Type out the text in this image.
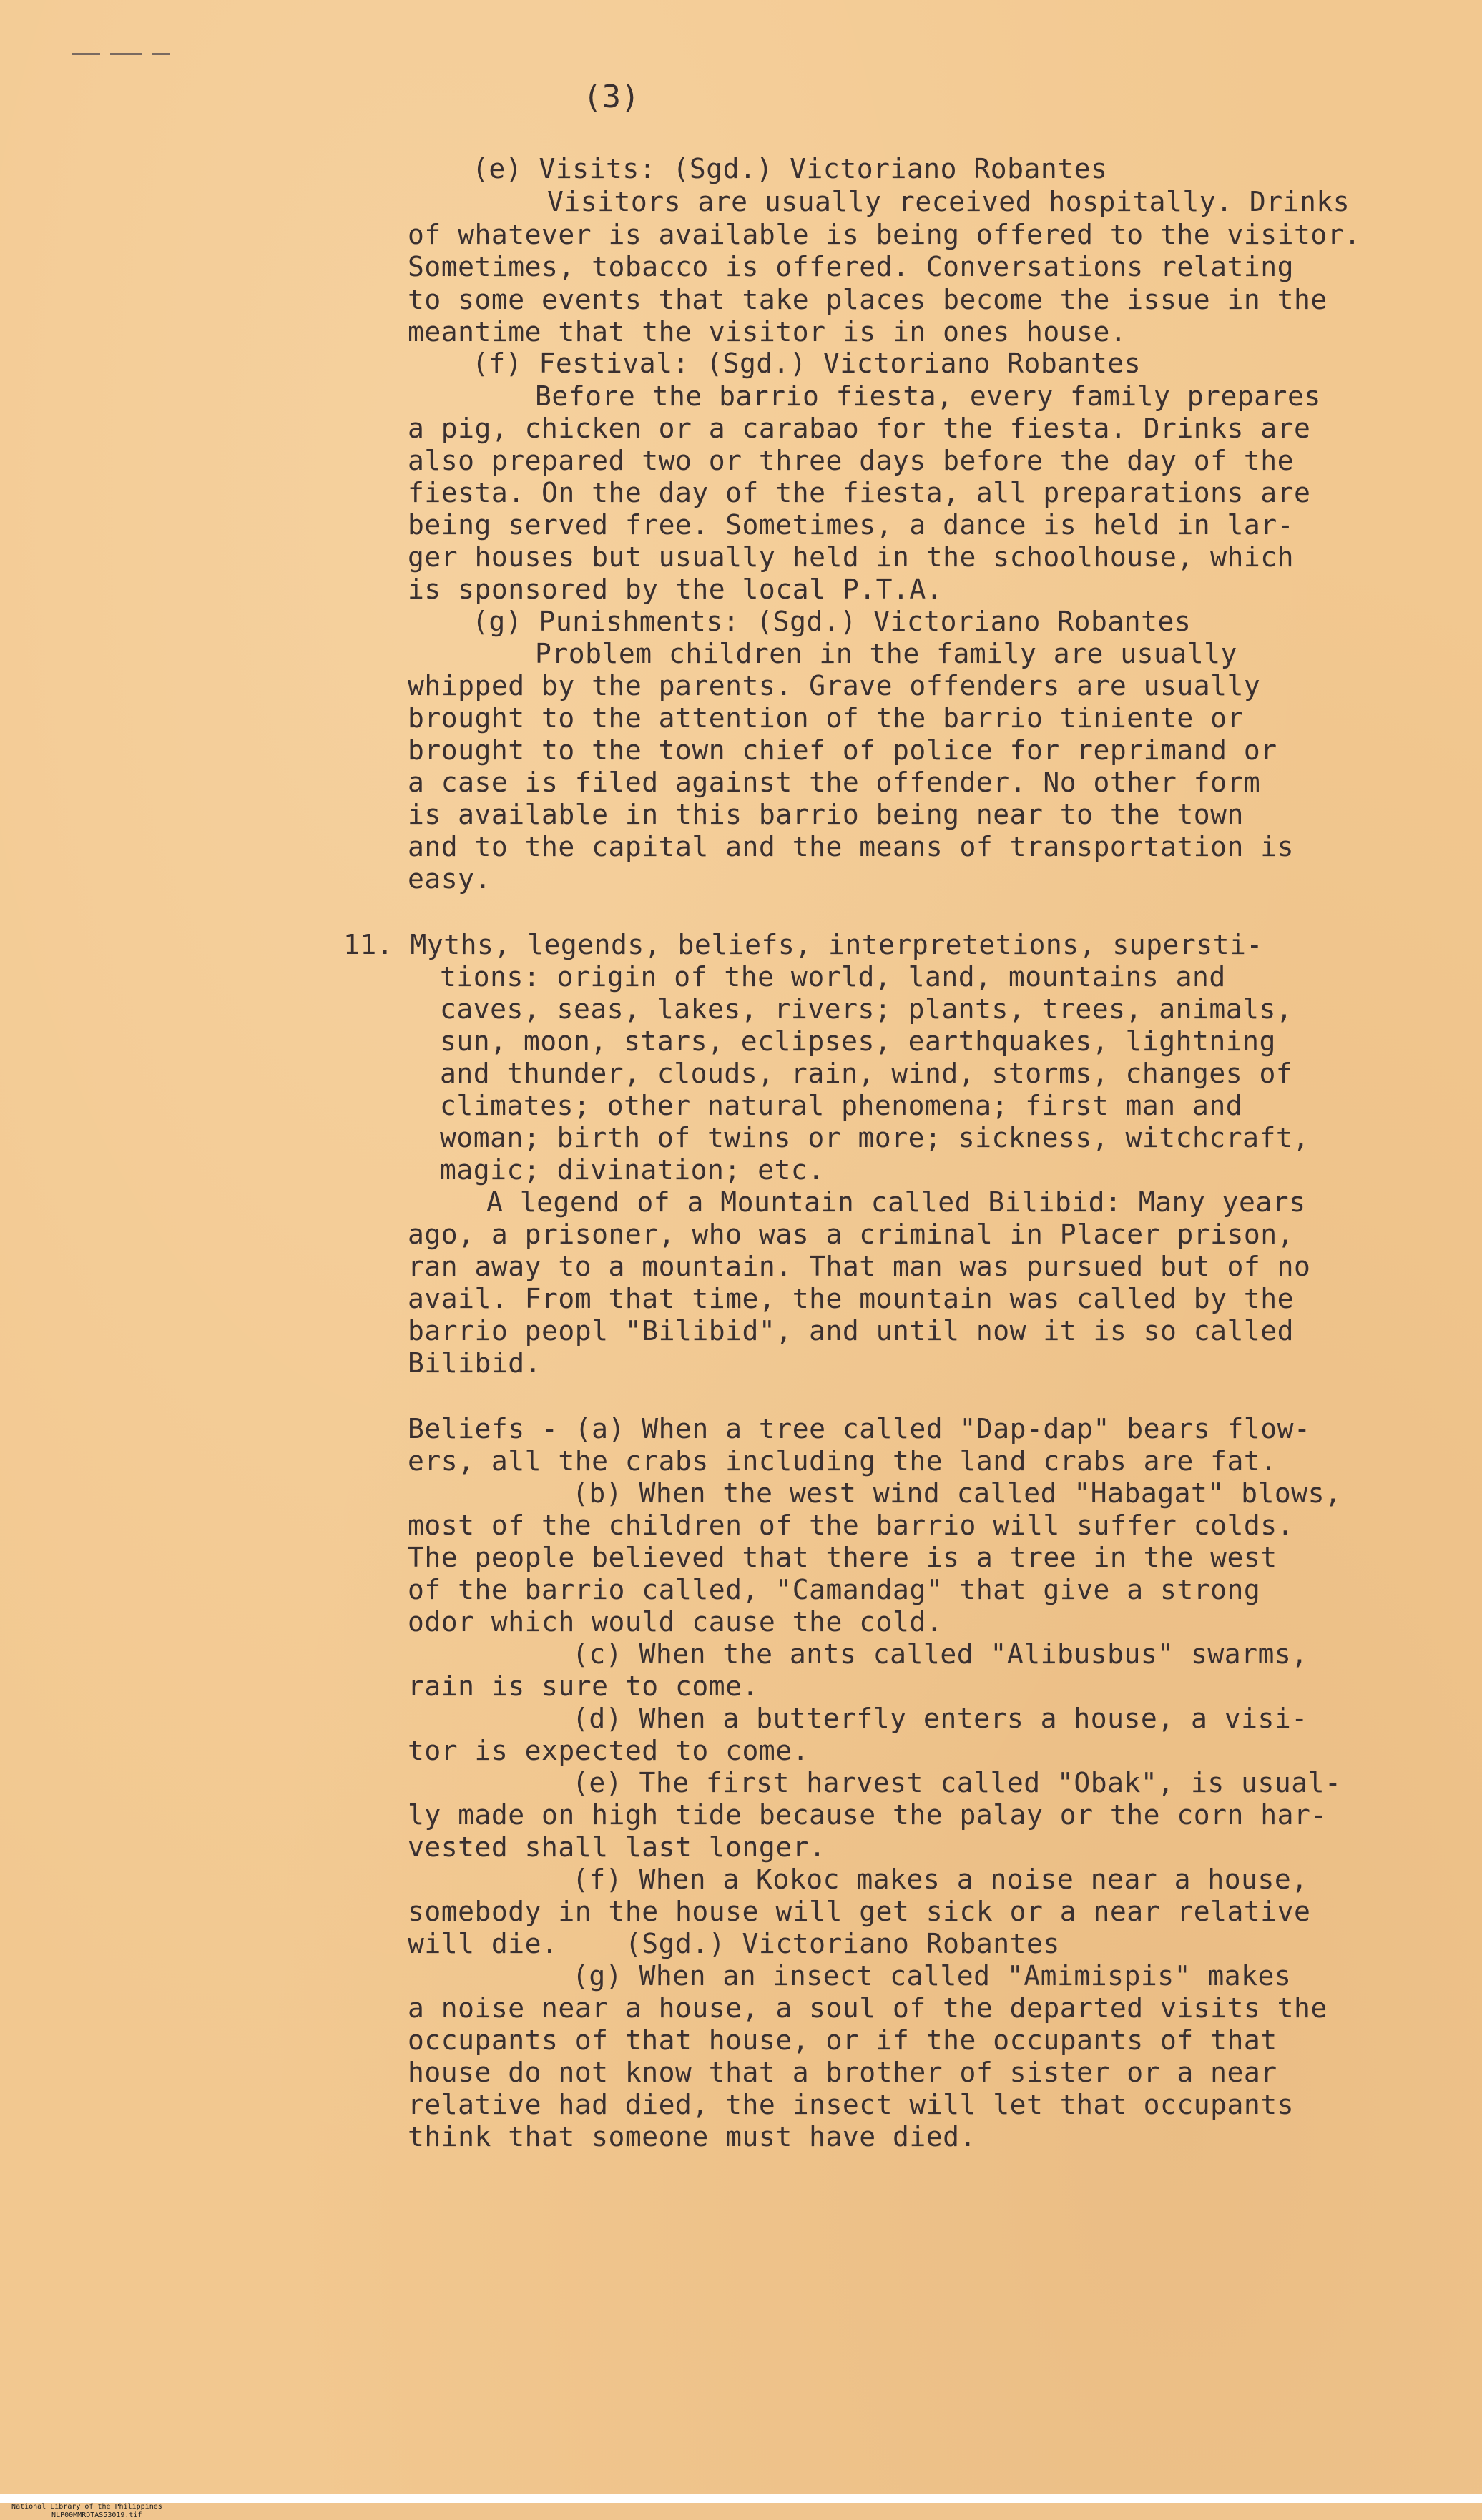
(3)
(e) Visits: (Sgd.) Victoriano Robantes
Visitors are usually received hospitally. Drinks
of whatever is available is being offered to the visitor.
Sometimes, tobacco is offered. Conversations relating
to some events that take places become the issue in the
meantime that the visitor is in ones house.
(f) Festival: (Sgd.) Victoriano Robantes
Before the barrio fiesta, every family prepares
a pig, chicken or a carabao for the fiesta. Drinks are
also prepared two or three days before the day of the
fiesta. On the day of the fiesta, all preparations are
being served free. Sometimes, a dance is held in lar-
ger houses but usually held in the schoolhouse, which
is sponsored by the local P.T.A.
(g) Punishments: (Sgd.) Victoriano Robantes
Problem children in the family are usually
whipped by the parents. Grave offenders are usually
brought to the attention of the barrio tiniente or
brought to the town chief of police for reprimand or
a case is filed against the offender. No other form
is available in this barrio being near to the town
and to the capital and the means of transportation is
easy.
11. Myths, legends, beliefs, interpretetions, supersti-
tions: origin of the world, land, mountains and
caves, seas, lakes, rivers; plants, trees, animals,
sun, moon, stars, eclipses, earthquakes, lightning
and thunder, clouds, rain, wind, storms, changes of
climates; other natural phenomena; first man and
woman; birth of twins or more; sickness, witchcraft,
magic; divination; etc.
A legend of a Mountain called Bilibid: Many years
ago, a prisoner, who was a criminal in Placer prison,
ran away to a mountain. That man was pursued but of no
avail. From that time, the mountain was called by the
barrio peopl "Bilibid", and until now it is so called
Bilibid.
Beliefs - (a) When a tree called "Dap-dap" bears flow-
ers, all the crabs including the land crabs are fat.
(b) When the west wind called "Habagat" blows,
most of the children of the barrio will suffer colds.
The people believed that there is a tree in the west
of the barrio called, "Camandag" that give a strong
odor which would cause the cold.
(c) When the ants called "Alibusbus" swarms,
rain is sure to come.
(d) When a butterfly enters a house, a visi-
tor is expected to come.
(e) The first harvest called "Obak", is usual-
ly made on high tide because the palay or the corn har-
vested shall last longer.
(f) When a Kokoc makes a noise near a house,
somebody in the house will get sick or a near relative
will die.    (Sgd.) Victoriano Robantes
(g) When an insect called "Amimispis" makes
a noise near a house, a soul of the departed visits the
occupants of that house, or if the occupants of that
house do not know that a brother of sister or a near
relative had died, the insect will let that occupants
think that someone must have died.

National Library of the Philippines
NLP00MMRDTAS53019.tif
